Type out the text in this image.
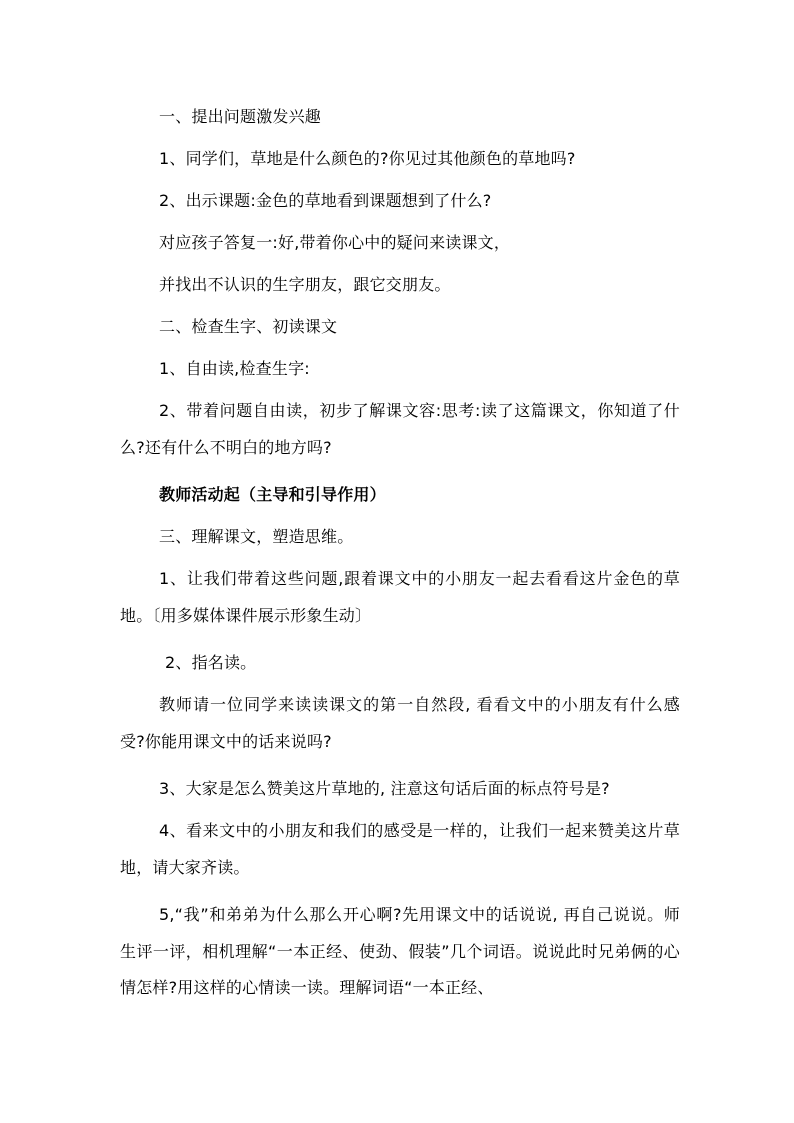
一、提出问题激发兴趣
1、同学们，草地是什么颜色的?你见过其他颜色的草地吗?
2、出示课题:金色的草地看到课题想到了什么?
对应孩子答复一:好,带着你心中的疑问来读课文，
并找出不认识的生字朋友，跟它交朋友。
二、检查生字、初读课文
1、自由读,检查生字:
2、带着问题自由读，初步了解课文容:思考:读了这篇课文，你知道了什么?还有什么不明白的地方吗?
教师活动起（主导和引导作用）
三、理解课文，塑造思维。
1、让我们带着这些问题,跟着课文中的小朋友一起去看看这片金色的草地。〔用多媒体课件展示形象生动〕
2、指名读。
教师请一位同学来读读课文的第一自然段, 看看文中的小朋友有什么感受?你能用课文中的话来说吗?
3、大家是怎么赞美这片草地的, 注意这句话后面的标点符号是?
4、看来文中的小朋友和我们的感受是一样的，让我们一起来赞美这片草地，请大家齐读。
5,“我”和弟弟为什么那么开心啊?先用课文中的话说说, 再自己说说。师生评一评，相机理解“一本正经、使劲、假装”几个词语。说说此时兄弟俩的心情怎样?用这样的心情读一读。理解词语“一本正经、
